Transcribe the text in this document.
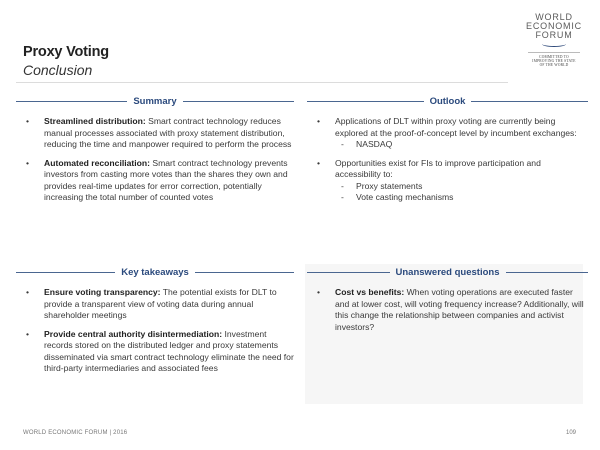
Proxy Voting
Conclusion
WORLD
ECONOMIC
FORUM
COMMITTED TO
IMPROVING THE STATE
OF THE WORLD
Summary
• Streamlined distribution: Smart contract technology reduces manual processes associated with proxy statement distribution, reducing the time and manpower required to perform the process
• Automated reconciliation: Smart contract technology prevents investors from casting more votes than the shares they own and provides real-time updates for error correction, potentially increasing the total number of counted votes
Outlook
• Applications of DLT within proxy voting are currently being explored at the proof-of-concept level by incumbent exchanges:
- NASDAQ
• Opportunities exist for FIs to improve participation and accessibility to:
- Proxy statements
- Vote casting mechanisms
Key takeaways
• Ensure voting transparency: The potential exists for DLT to provide a transparent view of voting data during annual shareholder meetings
• Provide central authority disintermediation: Investment records stored on the distributed ledger and proxy statements disseminated via smart contract technology eliminate the need for third-party intermediaries and associated fees
Unanswered questions
• Cost vs benefits: When voting operations are executed faster and at lower cost, will voting frequency increase? Additionally, will this change the relationship between companies and activist investors?
WORLD ECONOMIC FORUM | 2016	109
